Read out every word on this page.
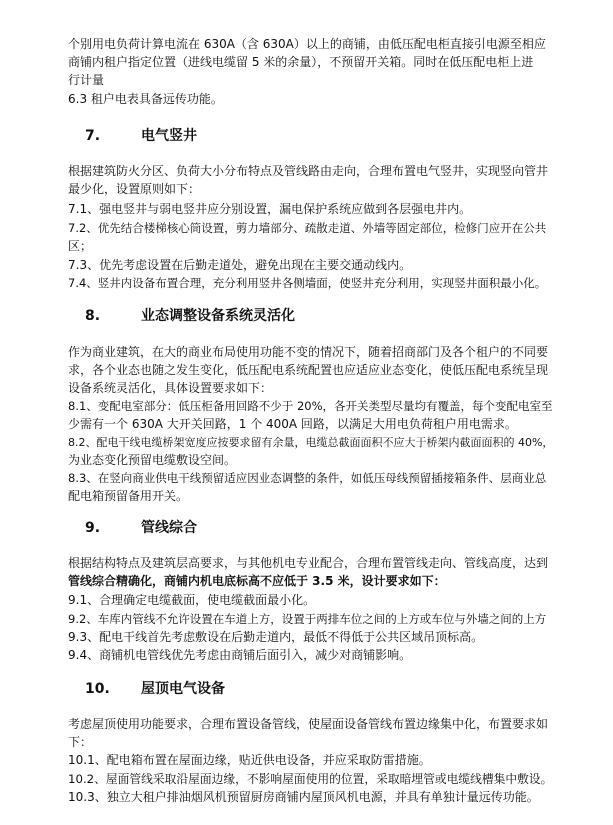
个别用电负荷计算电流在 630A（含 630A）以上的商铺，由低压配电柜直接引电源至相应

商铺内租户指定位置（进线电缆留 5 米的余量），不预留开关箱。同时在低压配电柜上进

行计量

6.3 租户电表具备远传功能。

7.	电气竖井

根据建筑防火分区、负荷大小分布特点及管线路由走向，合理布置电气竖井，实现竖向管井

最少化，设置原则如下：

7.1、强电竖井与弱电竖井应分别设置，漏电保护系统应做到各层强电井内。

7.2、优先结合楼梯核心筒设置，剪力墙部分、疏散走道、外墙等固定部位，检修门应开在公共

区；

7.3、优先考虑设置在后勤走道处，避免出现在主要交通动线内。

7.4、竖井内设备布置合理，充分利用竖井各侧墙面，使竖井充分利用，实现竖井面积最小化。

8.	业态调整设备系统灵活化

作为商业建筑，在大的商业布局使用功能不变的情况下，随着招商部门及各个租户的不同要

求，各个业态也随之发生变化，低压配电系统配置也应适应业态变化，使低压配电系统呈现

设备系统灵活化，具体设置要求如下：

8.1、变配电室部分：低压柜备用回路不少于 20%，各开关类型尽量均有覆盖，每个变配电室至

少需有一个 630A 大开关回路，1 个 400A 回路，以满足大用电负荷租户用电需求。

8.2、配电干线电缆桥架宽度应按要求留有余量，电缆总截面面积不应大于桥架内截面面积的 40%，

为业态变化预留电缆敷设空间。

8.3、在竖向商业供电干线预留适应因业态调整的条件，如低压母线预留插接箱条件、层商业总

配电箱预留备用开关。

9.	管线综合

根据结构特点及建筑层高要求，与其他机电专业配合，合理布置管线走向、管线高度，达到

管线综合精确化，商铺内机电底标高不应低于 3.5 米，设计要求如下：

9.1、合理确定电缆截面，使电缆截面最小化。

9.2、车库内管线不允许设置在车道上方，设置于两排车位之间的上方或车位与外墙之间的上方

9.3、配电干线首先考虑敷设在后勤走道内，最低不得低于公共区域吊顶标高。

9.4、商铺机电管线优先考虑由商铺后面引入，减少对商铺影响。

10. 屋顶电气设备

考虑屋顶使用功能要求，合理布置设备管线，使屋面设备管线布置边缘集中化，布置要求如

下：

10.1、配电箱布置在屋面边缘，贴近供电设备，并应采取防雷措施。

10.2、屋面管线采取沿屋面边缘，不影响屋面使用的位置，采取暗埋管或电缆线槽集中敷设。

10.3、独立大租户排油烟风机预留厨房商铺内屋顶风机电源，并具有单独计量远传功能。
